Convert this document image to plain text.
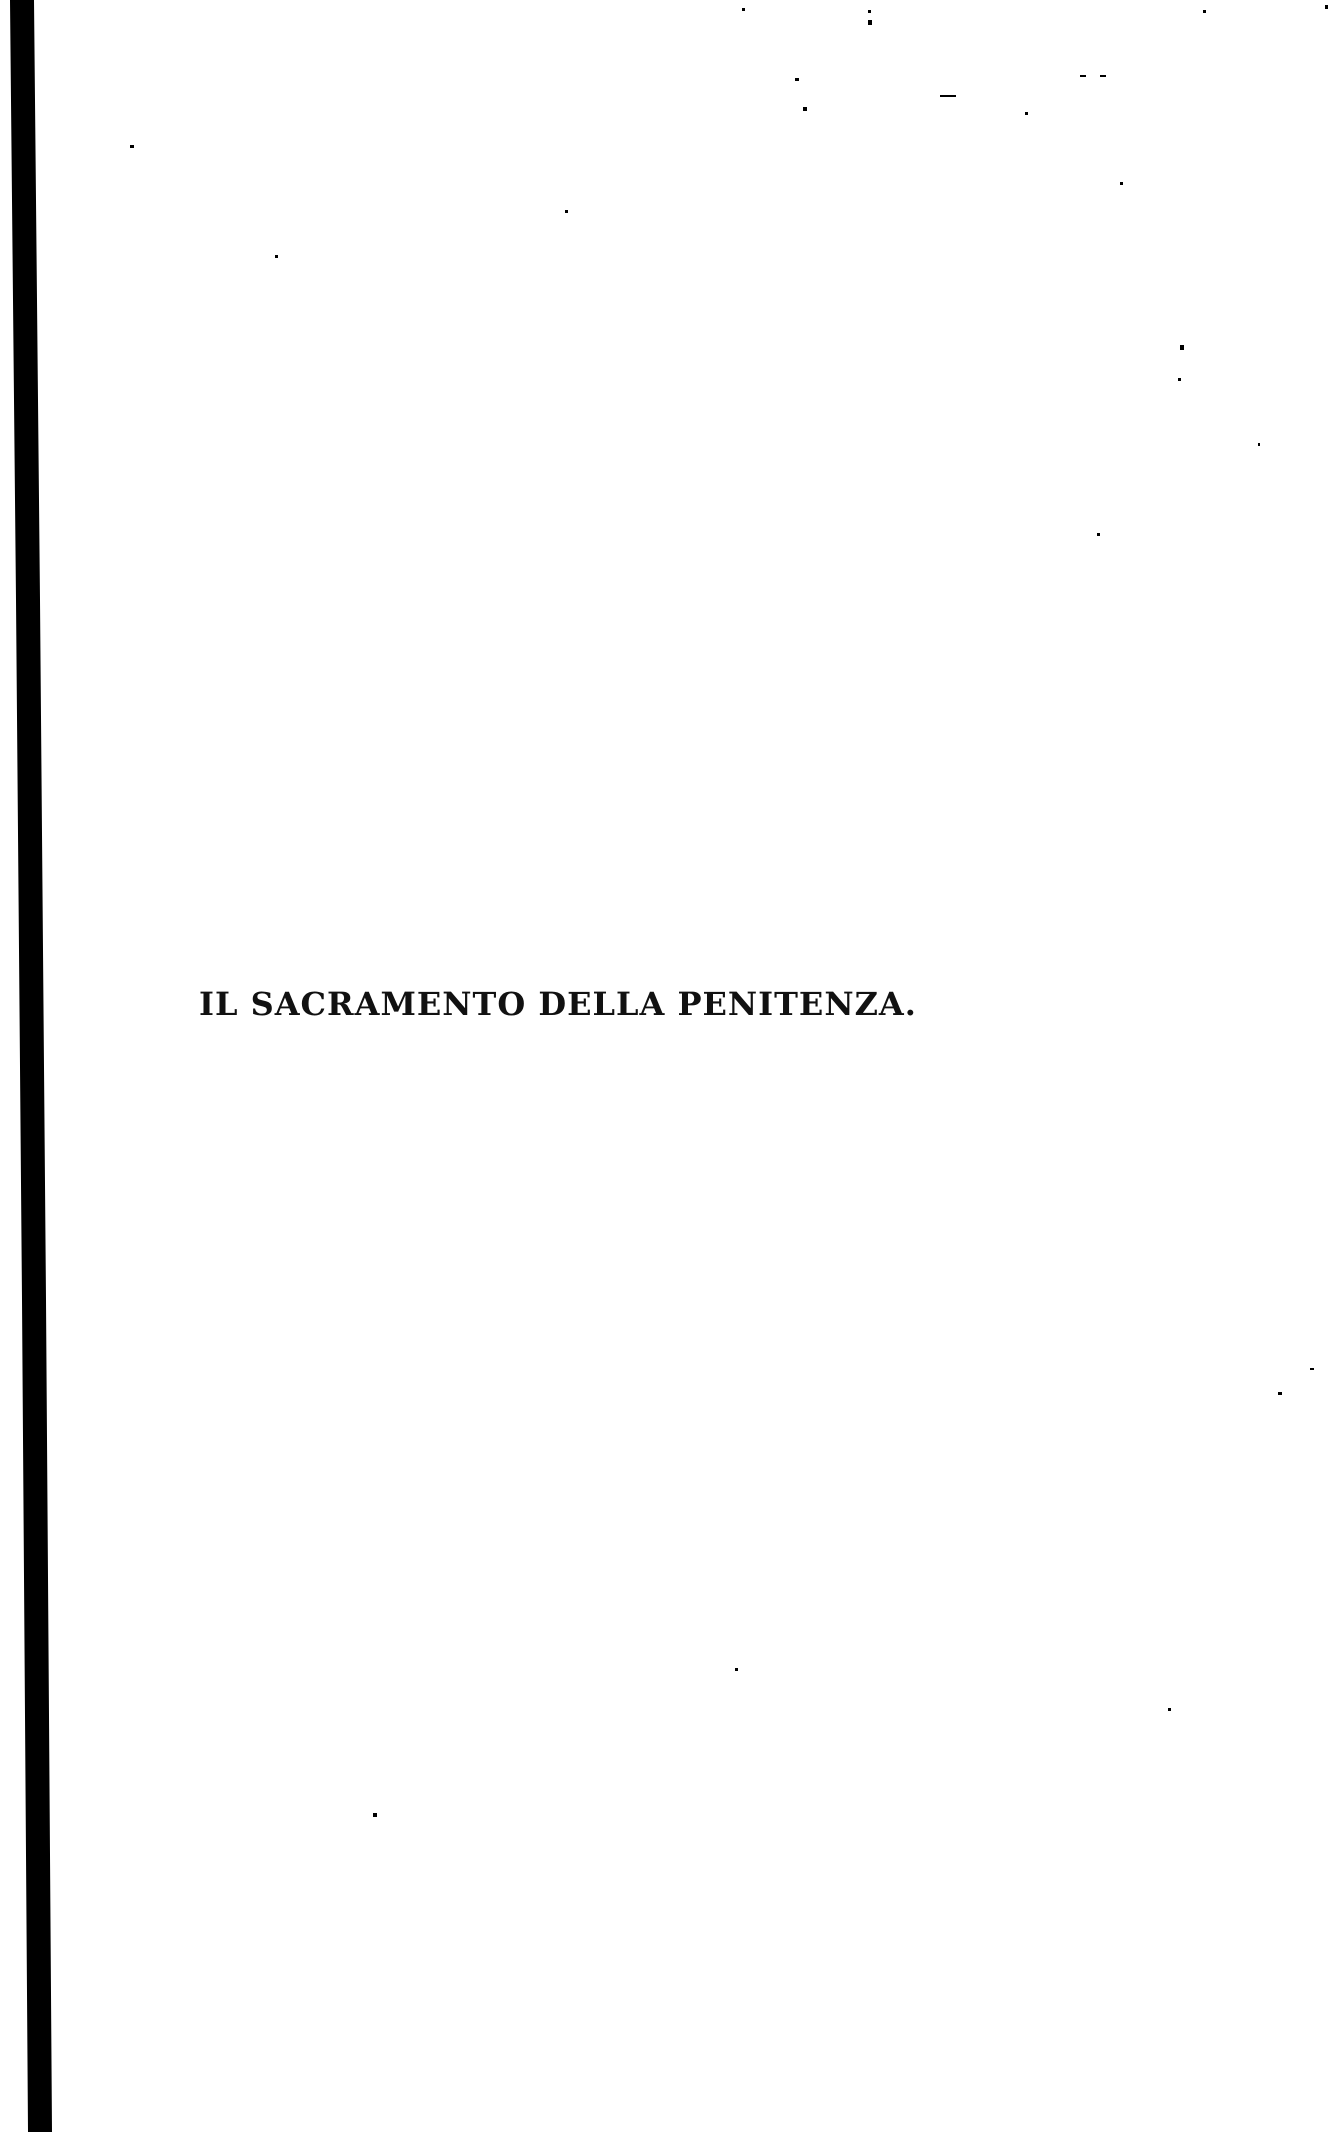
IL SACRAMENTO DELLA PENITENZA.
